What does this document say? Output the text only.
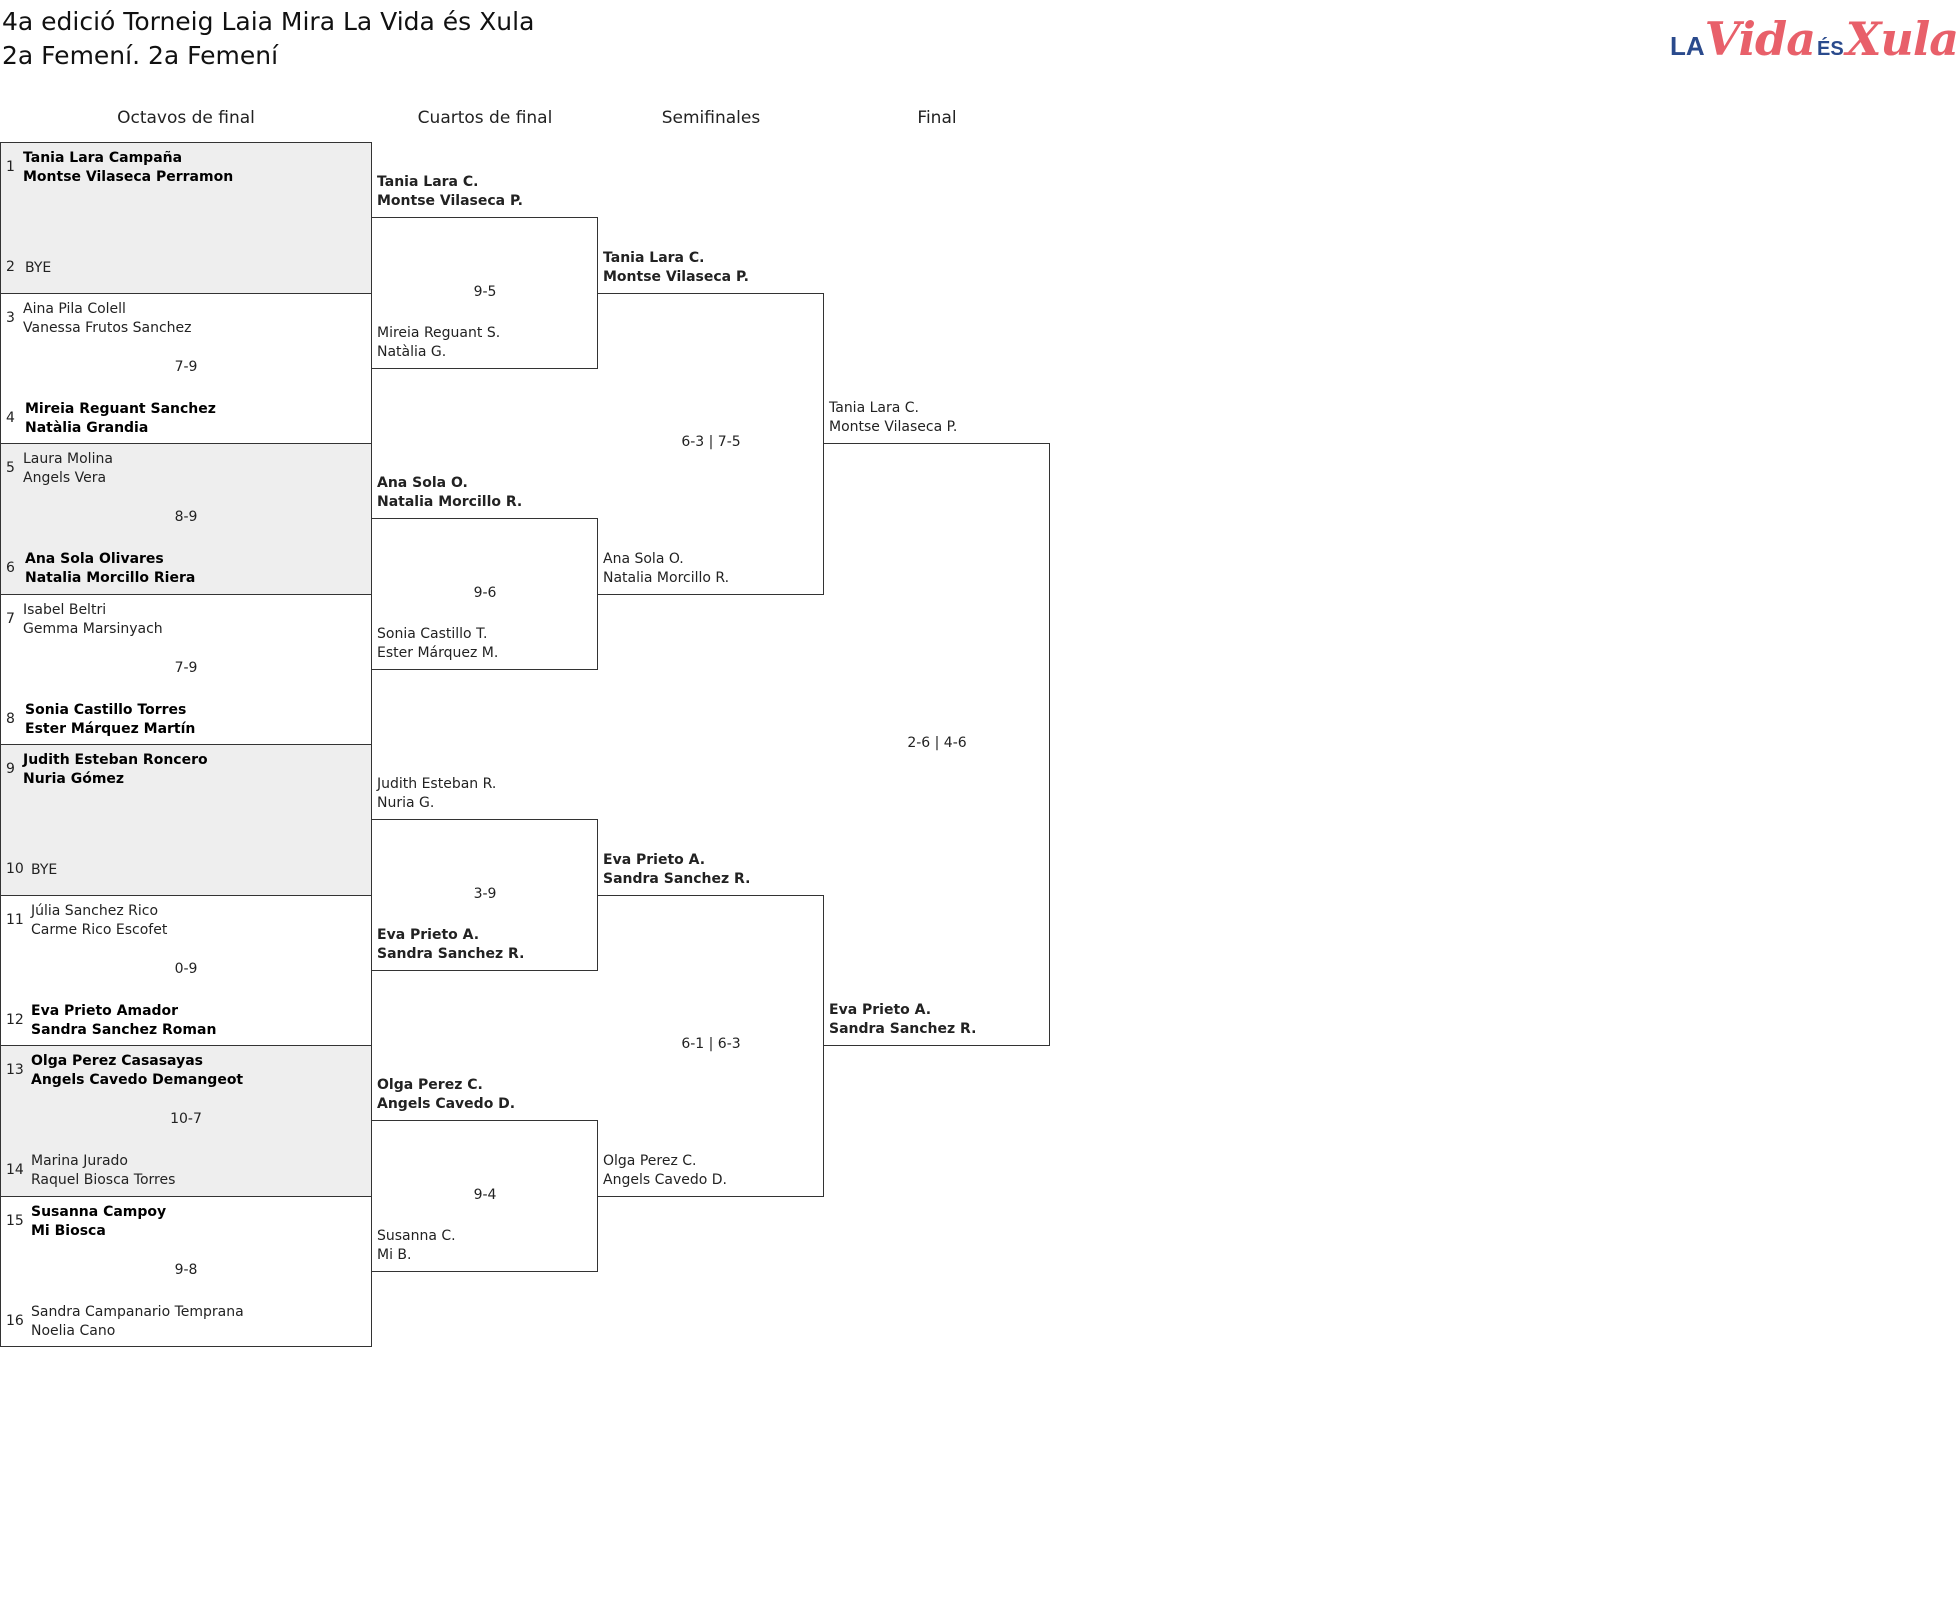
4a edició Torneig Laia Mira La Vida és Xula
2a Femení. 2a Femení	LAVida ÉSXula
Octavos de final	Cuartos de final	Semifinales	Final
1
Tania Lara Campaña
Montse Vilaseca Perramon
2 BYE
3
Aina Pila Colell
Vanessa Frutos Sanchez
7-9
4
Mireia Reguant Sanchez
Natàlia Grandia
5
Laura Molina
Angels Vera
8-9
6
Ana Sola Olivares
Natalia Morcillo Riera
7
Isabel Beltri
Gemma Marsinyach
7-9
8
Sonia Castillo Torres
Ester Márquez Martín
9
Judith Esteban Roncero
Nuria Gómez
10 BYE
11
Júlia Sanchez Rico
Carme Rico Escofet
0-9
12
Eva Prieto Amador
Sandra Sanchez Roman
13
Olga Perez Casasayas
Angels Cavedo Demangeot
10-7
14
Marina Jurado
Raquel Biosca Torres
15
Susanna Campoy
Mi Biosca
9-8
16
Sandra Campanario Temprana
Noelia Cano
Tania Lara C.
Montse Vilaseca P.
Mireia Reguant S.
Natàlia G.
9-5
Ana Sola O.
Natalia Morcillo R.
Sonia Castillo T.
Ester Márquez M.
9-6
Judith Esteban R.
Nuria G.
Eva Prieto A.
Sandra Sanchez R.
3-9
Olga Perez C.
Angels Cavedo D.
Susanna C.
Mi B.
9-4
Tania Lara C.
Montse Vilaseca P.
Ana Sola O.
Natalia Morcillo R.
6-3 | 7-5
Eva Prieto A.
Sandra Sanchez R.
Olga Perez C.
Angels Cavedo D.
6-1 | 6-3
Tania Lara C.
Montse Vilaseca P.
Eva Prieto A.
Sandra Sanchez R.
2-6 | 4-6
